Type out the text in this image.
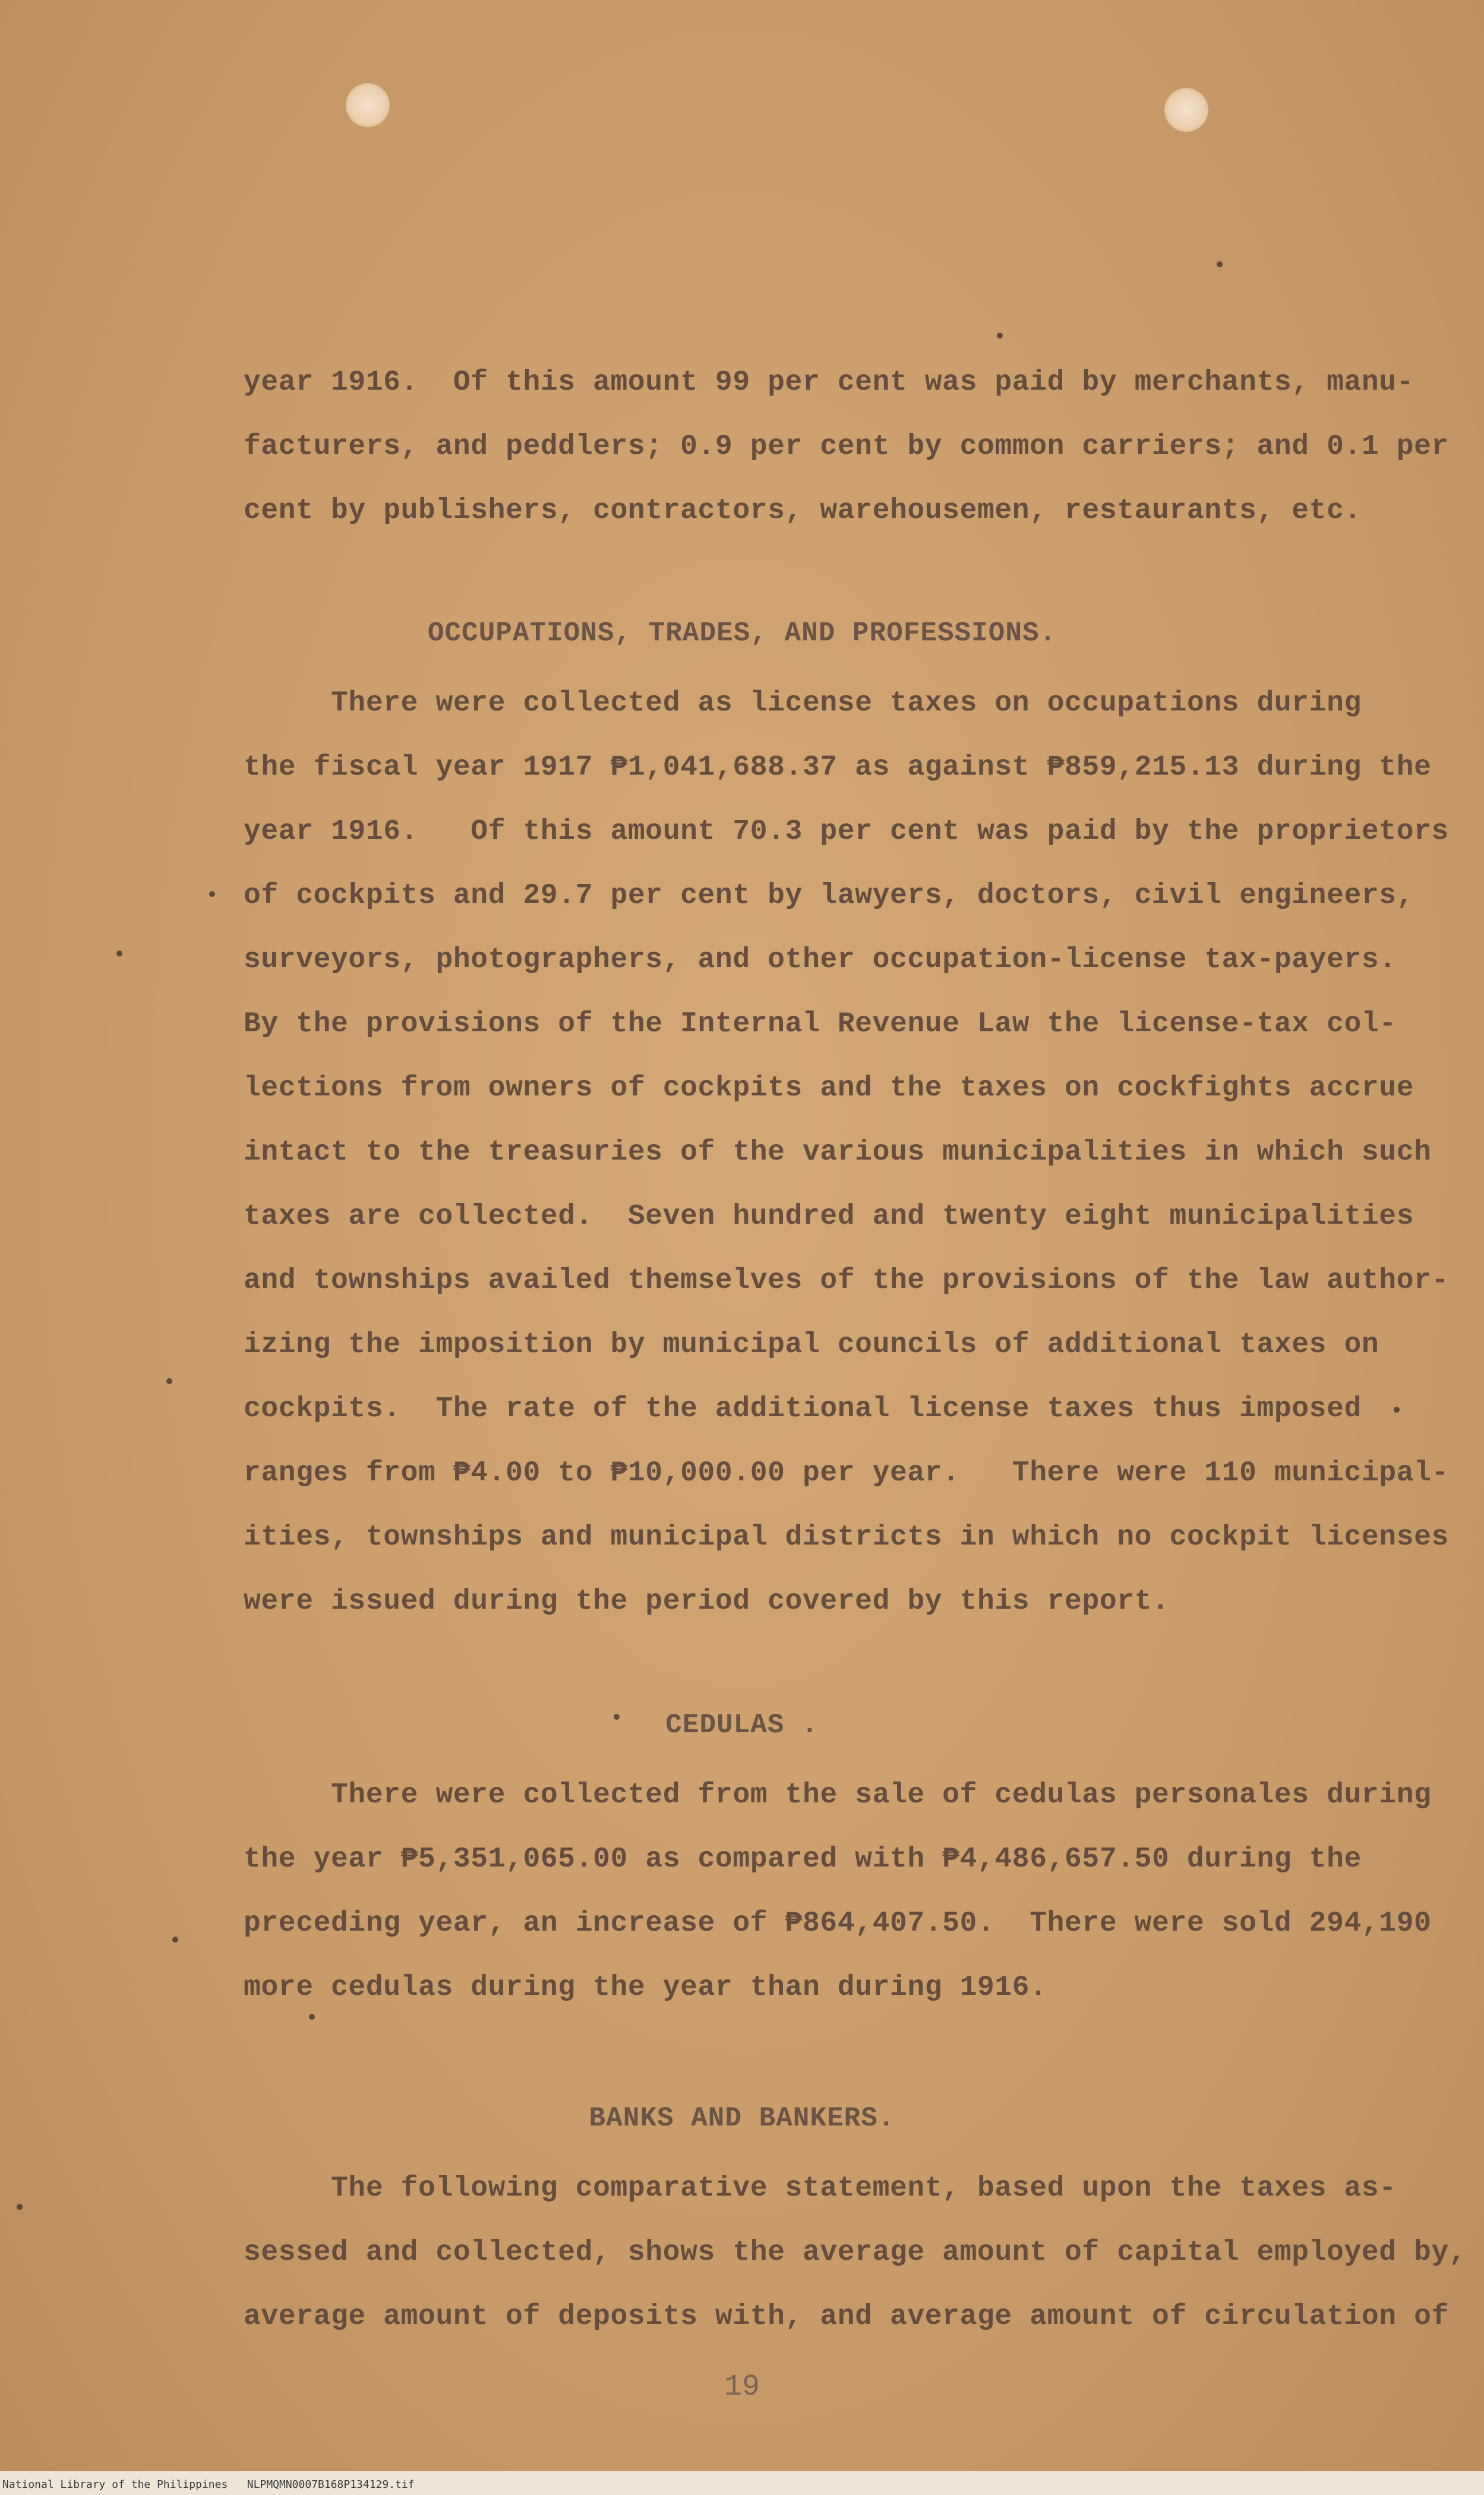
year 1916.  Of this amount 99 per cent was paid by merchants, manu-
facturers, and peddlers; 0.9 per cent by common carriers; and 0.1 per
cent by publishers, contractors, warehousemen, restaurants, etc.
OCCUPATIONS, TRADES, AND PROFESSIONS.
There were collected as license taxes on occupations during
the fiscal year 1917 ₱1,041,688.37 as against ₱859,215.13 during the
year 1916.   Of this amount 70.3 per cent was paid by the proprietors
of cockpits and 29.7 per cent by lawyers, doctors, civil engineers,
surveyors, photographers, and other occupation-license tax-payers.
By the provisions of the Internal Revenue Law the license-tax col-
lections from owners of cockpits and the taxes on cockfights accrue
intact to the treasuries of the various municipalities in which such
taxes are collected.  Seven hundred and twenty eight municipalities
and townships availed themselves of the provisions of the law author-
izing the imposition by municipal councils of additional taxes on
cockpits.  The rate of the additional license taxes thus imposed
ranges from ₱4.00 to ₱10,000.00 per year.   There were 110 municipal-
ities, townships and municipal districts in which no cockpit licenses
were issued during the period covered by this report.
CEDULAS .
There were collected from the sale of cedulas personales during
the year ₱5,351,065.00 as compared with ₱4,486,657.50 during the
preceding year, an increase of ₱864,407.50.  There were sold 294,190
more cedulas during the year than during 1916.
BANKS AND BANKERS.
The following comparative statement, based upon the taxes as-
sessed and collected, shows the average amount of capital employed by,
average amount of deposits with, and average amount of circulation of
19
National Library of the Philippines   NLPMQMN0007B168P134129.tif
